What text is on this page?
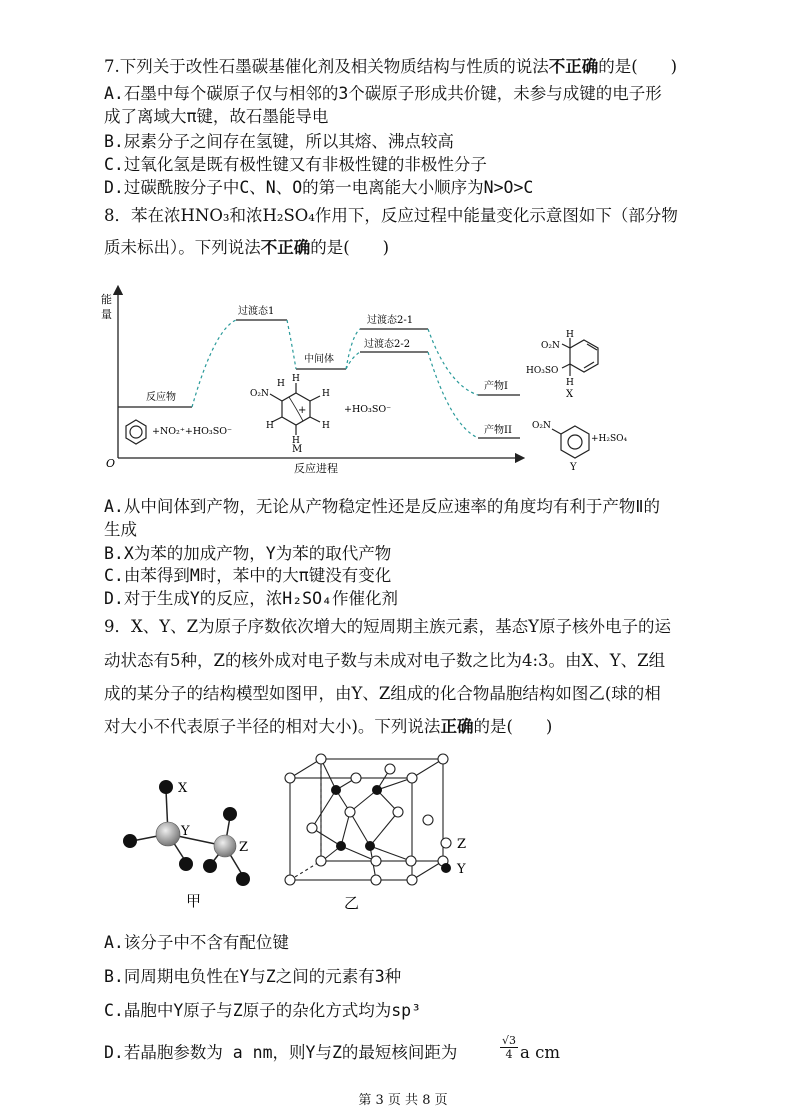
7.下列关于改性石墨碳基催化剂及相关物质结构与性质的说法不正确的是(　　)
A.石墨中每个碳原子仅与相邻的3个碳原子形成共价键，未参与成键的电子形
成了离域大π键，故石墨能导电
B.尿素分子之间存在氢键，所以其熔、沸点较高
C.过氧化氢是既有极性键又有非极性键的非极性分子
D.过碳酰胺分子中C、N、O的第一电离能大小顺序为N>O>C
8．苯在浓HNO₃和浓H₂SO₄作用下，反应过程中能量变化示意图如下（部分物
质未标出）。下列说法不正确的是(　　)
能
量
O	反应进程
反应物
过渡态1
中间体
过渡态2-1
过渡态2-2
产物I
产物II
+NO₂⁺+HO₃SO⁻
+
O₂N
H H
H
H
H
H
M
+HO₃SO⁻
O₂N
HO₃SO
H
H
X
O₂N
+H₂SO₄
Y
A.从中间体到产物，无论从产物稳定性还是反应速率的角度均有利于产物Ⅱ的
生成
B.X为苯的加成产物，Y为苯的取代产物
C.由苯得到M时，苯中的大π键没有变化
D.对于生成Y的反应，浓H₂SO₄作催化剂
9．X、Y、Z为原子序数依次增大的短周期主族元素，基态Y原子核外电子的运
动状态有5种，Z的核外成对电子数与未成对电子数之比为4:3。由X、Y、Z组
成的某分子的结构模型如图甲，由Y、Z组成的化合物晶胞结构如图乙(球的相
对大小不代表原子半径的相对大小)。下列说法正确的是(　　)
X
Y
Z
甲	乙
Z
Y
A.该分子中不含有配位键
B.同周期电负性在Y与Z之间的元素有3种
C.晶胞中Y原子与Z原子的杂化方式均为sp³
D.若晶胞参数为 a nm，则Y与Z的最短核间距为	$\frac{√3}{4}$ a cm
第 3 页 共 8 页
